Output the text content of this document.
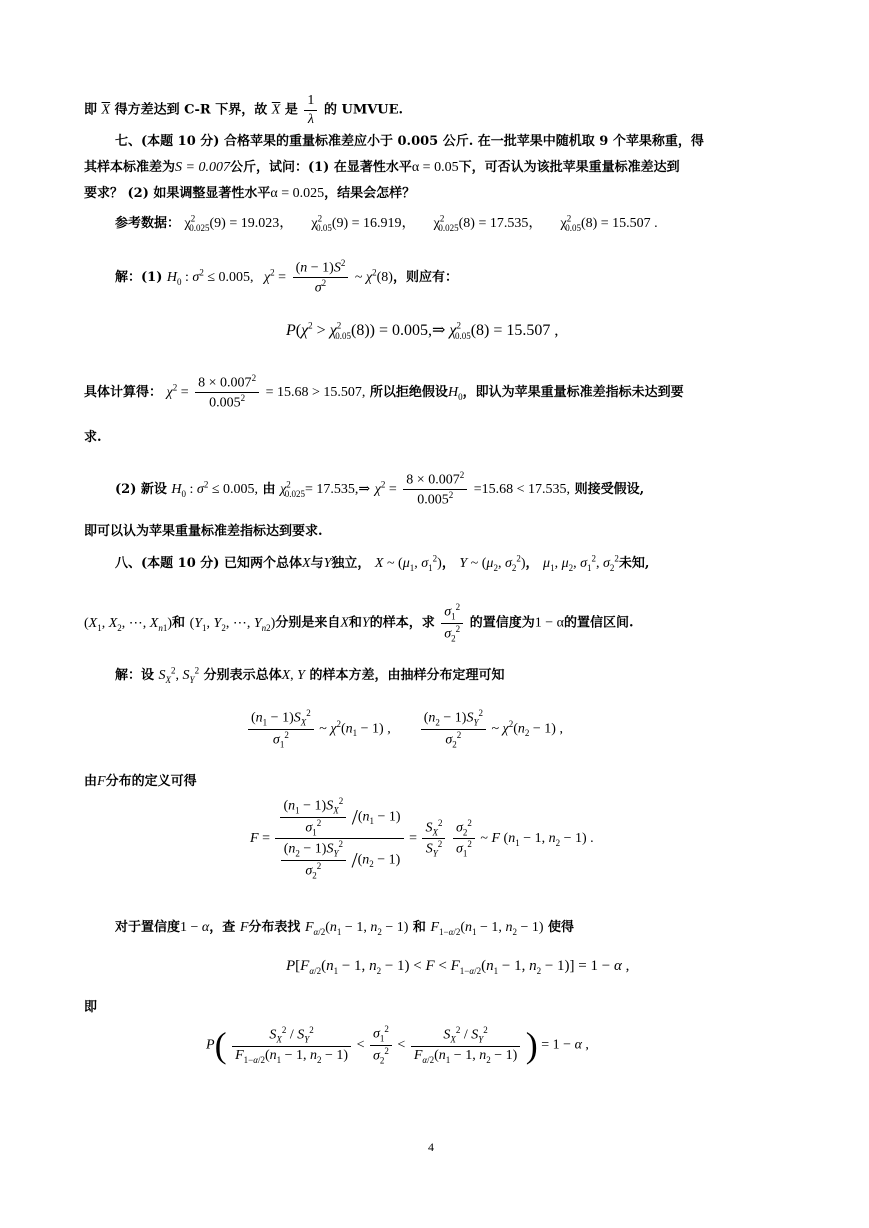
即 $\overline{X}$ 得方差达到 C-R 下界，故 $\overline{X}$ 是 $\frac{1}{\lambda}$ 的 UMVUE.
七、(本题 10 分) 合格苹果的重量标准差应小于 0.005 公斤. 在一批苹果中随机取 9 个苹果称重，得
其样本标准差为S = 0.007公斤，试问：(1) 在显著性水平α = 0.05下，可否认为该批苹果重量标准差达到
要求？ (2) 如果调整显著性水平α = 0.025，结果会怎样？
参考数据： $\chi^2_{0.025}(9) = 19.023$， $\chi^2_{0.05}(9) = 16.919$， $\chi^2_{0.025}(8) = 17.535$， $\chi^2_{0.05}(8) = 15.507$ .
解：(1) $H_0$ : $\sigma^2 \le 0.005$,   $\chi^2 = \frac{(n - 1)S^2}{\sigma^2}$ ~ $\chi^2(8)$，则应有：
$P(\chi^2 > \chi^2_{0.05}(8))$ = 0.005,⇒ $\chi^2_{0.05}(8) = 15.507$ ,
具体计算得： $\chi^2 = \frac{8 \times 0.007^2}{0.005^2} = 15.68 > 15.507$, 所以拒绝假设$H_0$，即认为苹果重量标准差指标未达到要
求.
(2) 新设 $H_0$ : $\sigma^2 \le 0.005$, 由 $\chi^2_{0.025}=$ 17.535,⇒ $\chi^2 = \frac{8 \times 0.007^2}{0.005^2} =15.68 < 17.535$, 则接受假设,
即可以认为苹果重量标准差指标达到要求.
八、(本题 10 分) 已知两个总体X与Y独立， X ~ ($\mu_1$, $\sigma_1^2$)， Y ~ ($\mu_2$, $\sigma_2^2$)， $\mu_1$, $\mu_2$, $\sigma_1^2$, $\sigma_2^2$未知,
($X_1$, $X_2$, ⋯, $X_{n1}$)和 ($Y_1$, $Y_2$, ⋯, $Y_{n2}$)分别是来自X和Y的样本，求 $\frac{\sigma_1^2}{\sigma_2^2}$ 的置信度为1 − α的置信区间.
解：设 $S_X^2$, $S_Y^2$ 分别表示总体X, Y 的样本方差，由抽样分布定理可知
$\frac{(n_1 - 1)S_X^2}{\sigma_1^2}$ ~ $\chi^2(n_1 - 1)$ , $\frac{(n_2 - 1)S_Y^2}{\sigma_2^2}$ ~ $\chi^2(n_2 - 1)$ ,
由F分布的定义可得
$F = \frac{\frac{(n_1 - 1)S_X^2}{\sigma_1^2} /(n_1 - 1)}{\frac{(n_2 - 1)S_Y^2}{\sigma_2^2} /(n_2 - 1)} = \frac{S_X^2}{S_Y^2}$
$\frac{\sigma_2^2}{\sigma_1^2}$ ~ F ($n_1 - 1$, $n_2 - 1$) .
对于置信度1 − α，查 F分布表找 $F_{\alpha/2}(n_1 - 1$, $n_2 - 1$) 和 $F_{1-\alpha/2}(n_1 - 1$, $n_2 - 1$) 使得
$P[F_{\alpha/2}(n_1 - 1$, $n_2 - 1) < F < F_{1-\alpha/2}(n_1 - 1$, $n_2 - 1)] = 1 - \alpha$ ,
即
$P( \frac{S_X^2 / S_Y^2}{F_{1-\alpha/2}(n_1 - 1, n_2 - 1)} < \frac{\sigma_1^2}{\sigma_2^2} < \frac{S_X^2 / S_Y^2}{F_{\alpha/2}(n_1 - 1, n_2 - 1)}$ ) = 1 − α ,
4
